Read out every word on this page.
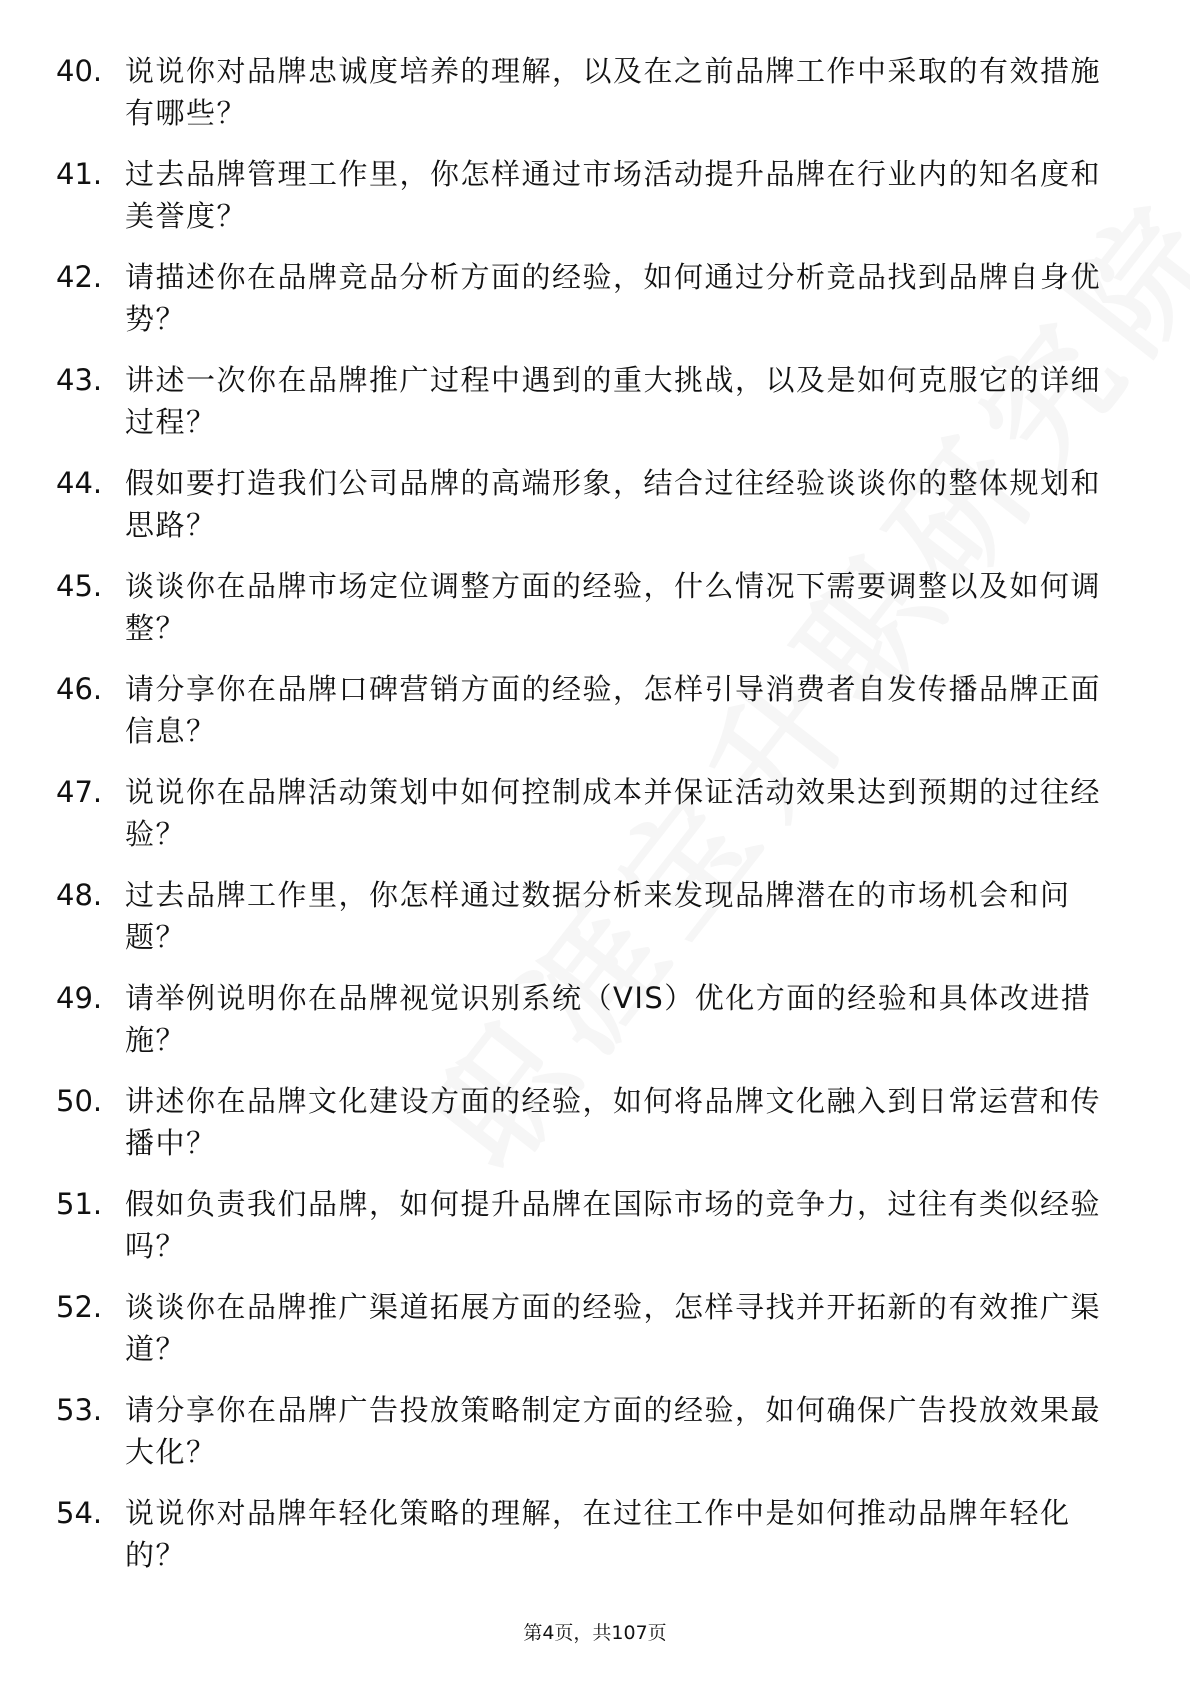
40. 说说你对品牌忠诚度培养的理解，以及在之前品牌工作中采取的有效措施有哪些？
41. 过去品牌管理工作里，你怎样通过市场活动提升品牌在行业内的知名度和美誉度？
42. 请描述你在品牌竞品分析方面的经验，如何通过分析竞品找到品牌自身优势？
43. 讲述一次你在品牌推广过程中遇到的重大挑战，以及是如何克服它的详细过程？
44. 假如要打造我们公司品牌的高端形象，结合过往经验谈谈你的整体规划和思路？
45. 谈谈你在品牌市场定位调整方面的经验，什么情况下需要调整以及如何调整？
46. 请分享你在品牌口碑营销方面的经验，怎样引导消费者自发传播品牌正面信息？
47. 说说你在品牌活动策划中如何控制成本并保证活动效果达到预期的过往经验？
48. 过去品牌工作里，你怎样通过数据分析来发现品牌潜在的市场机会和问题？
49. 请举例说明你在品牌视觉识别系统（VIS）优化方面的经验和具体改进措施？
50. 讲述你在品牌文化建设方面的经验，如何将品牌文化融入到日常运营和传播中？
51. 假如负责我们品牌，如何提升品牌在国际市场的竞争力，过往有类似经验吗？
52. 谈谈你在品牌推广渠道拓展方面的经验，怎样寻找并开拓新的有效推广渠道？
53. 请分享你在品牌广告投放策略制定方面的经验，如何确保广告投放效果最大化？
54. 说说你对品牌年轻化策略的理解，在过往工作中是如何推动品牌年轻化的？
第4页，共107页
